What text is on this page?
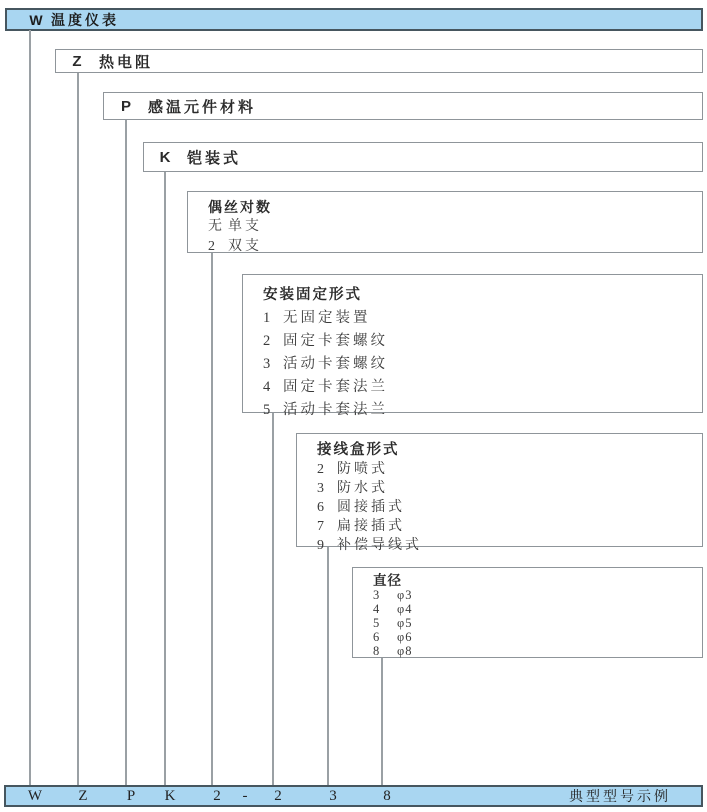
W 温度仪表
Z 热电阻
P 感温元件材料
K 铠装式
偶丝对数
无 单支
2 双支
安装固定形式
1 无固定装置
2 固定卡套螺纹
3 活动卡套螺纹
4 固定卡套法兰
5 活动卡套法兰
接线盒形式
2 防喷式
3 防水式
6 圆接插式
7 扁接插式
9 补偿导线式
直径
3	φ3
4	φ4
5	φ5
6	φ6
8	φ8
W Z	P K	2 - 2	3	8	典型型号示例
